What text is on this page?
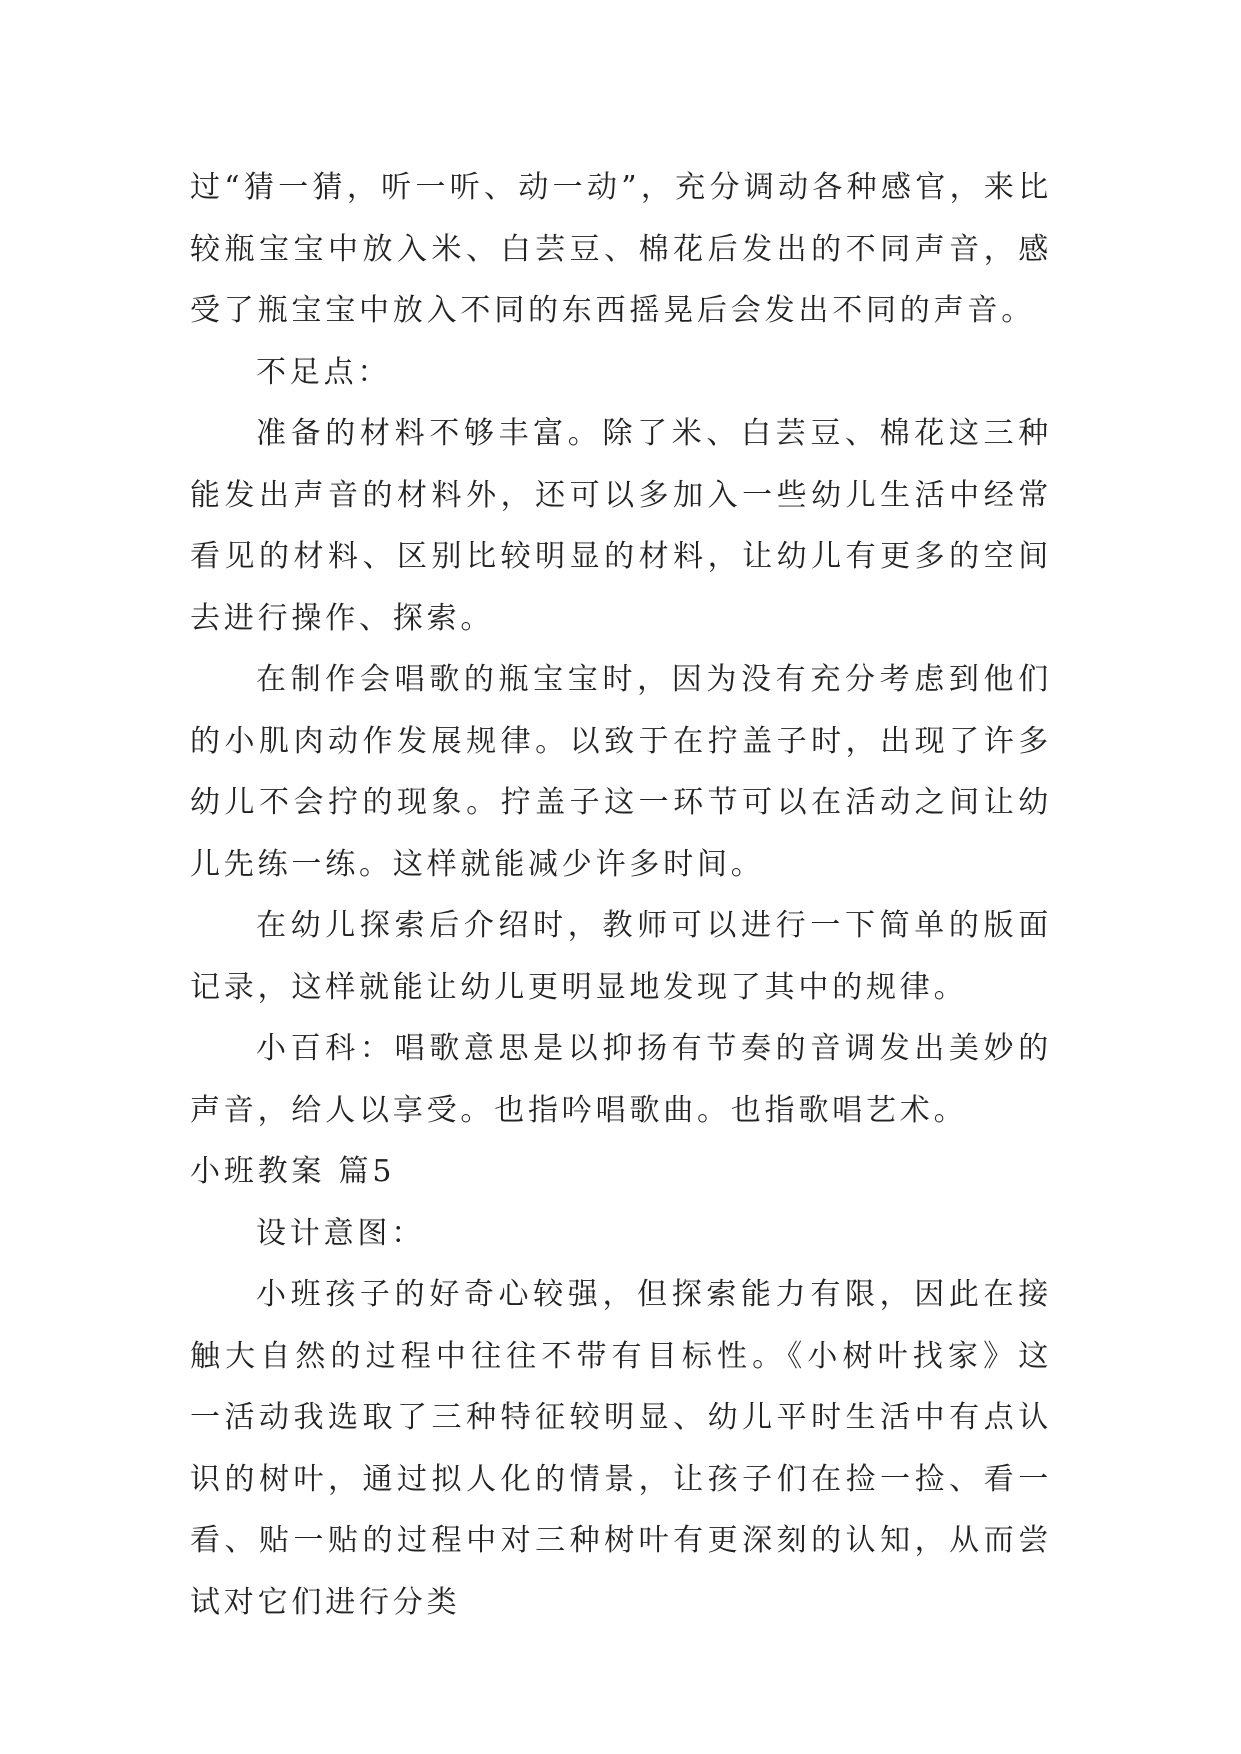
过“猜一猜，听一听、动一动”，充分调动各种感官，来比较瓶宝宝中放入米、白芸豆、棉花后发出的不同声音，感受了瓶宝宝中放入不同的东西摇晃后会发出不同的声音。

不足点：

准备的材料不够丰富。除了米、白芸豆、棉花这三种能发出声音的材料外，还可以多加入一些幼儿生活中经常看见的材料、区别比较明显的材料，让幼儿有更多的空间去进行操作、探索。

在制作会唱歌的瓶宝宝时，因为没有充分考虑到他们的小肌肉动作发展规律。以致于在拧盖子时，出现了许多幼儿不会拧的现象。拧盖子这一环节可以在活动之间让幼儿先练一练。这样就能减少许多时间。

在幼儿探索后介绍时，教师可以进行一下简单的版面记录，这样就能让幼儿更明显地发现了其中的规律。

小百科：唱歌意思是以抑扬有节奏的音调发出美妙的声音，给人以享受。也指吟唱歌曲。也指歌唱艺术。

小班教案 篇5

设计意图：

小班孩子的好奇心较强，但探索能力有限，因此在接触大自然的过程中往往不带有目标性。《小树叶找家》这一活动我选取了三种特征较明显、幼儿平时生活中有点认识的树叶，通过拟人化的情景，让孩子们在捡一捡、看一看、贴一贴的过程中对三种树叶有更深刻的认知，从而尝试对它们进行分类
